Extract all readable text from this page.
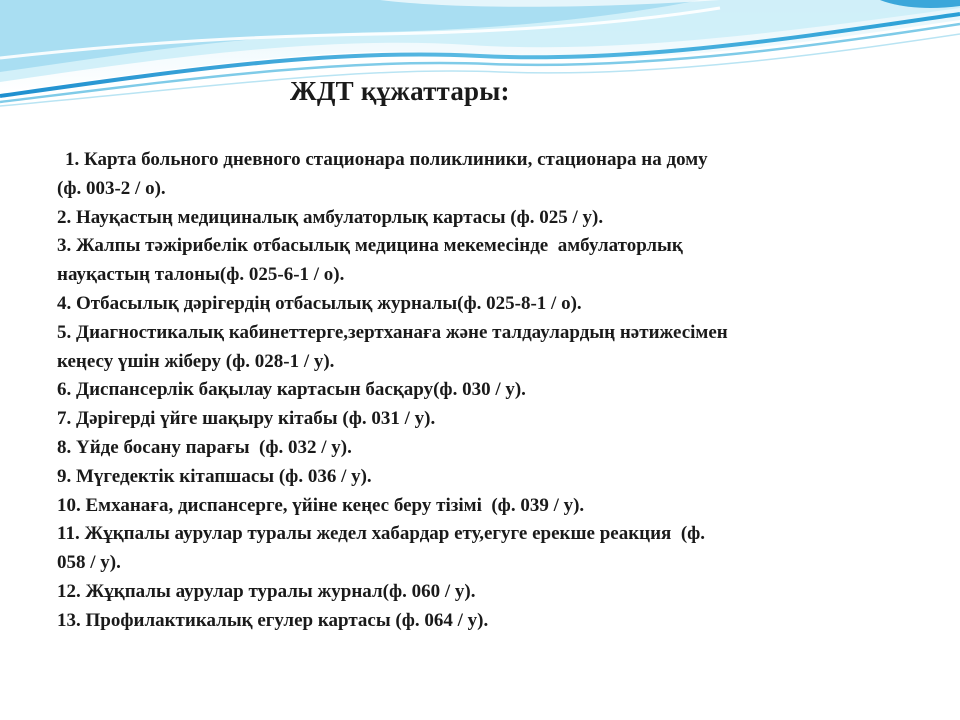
ЖДТ құжаттары:
1. Карта больного дневного стационара поликлиники, стационара на дому
(ф. 003-2 / о).
2. Науқастың медициналық амбулаторлық картасы (ф. 025 / у).
3. Жалпы тәжірибелік отбасылық медицина мекемесінде  амбулаторлық
науқастың талоны(ф. 025-6-1 / о).
4. Отбасылық дәрігердің отбасылық журналы(ф. 025-8-1 / о).
5. Диагностикалық кабинеттерге,зертханаға және талдаулардың нәтижесімен
кеңесу үшін жіберу (ф. 028-1 / у).
6. Диспансерлік бақылау картасын басқару(ф. 030 / у).
7. Дәрігерді үйге шақыру кітабы (ф. 031 / у).
8. Үйде босану парағы  (ф. 032 / у).
9. Мүгедектік кітапшасы (ф. 036 / у).
10. Емханаға, диспансерге, үйіне кеңес беру тізімі  (ф. 039 / у).
11. Жұқпалы аурулар туралы жедел хабардар ету,егуге ерекше реакция  (ф.
058 / у).
12. Жұқпалы аурулар туралы журнал(ф. 060 / у).
13. Профилактикалық егулер картасы (ф. 064 / у).
